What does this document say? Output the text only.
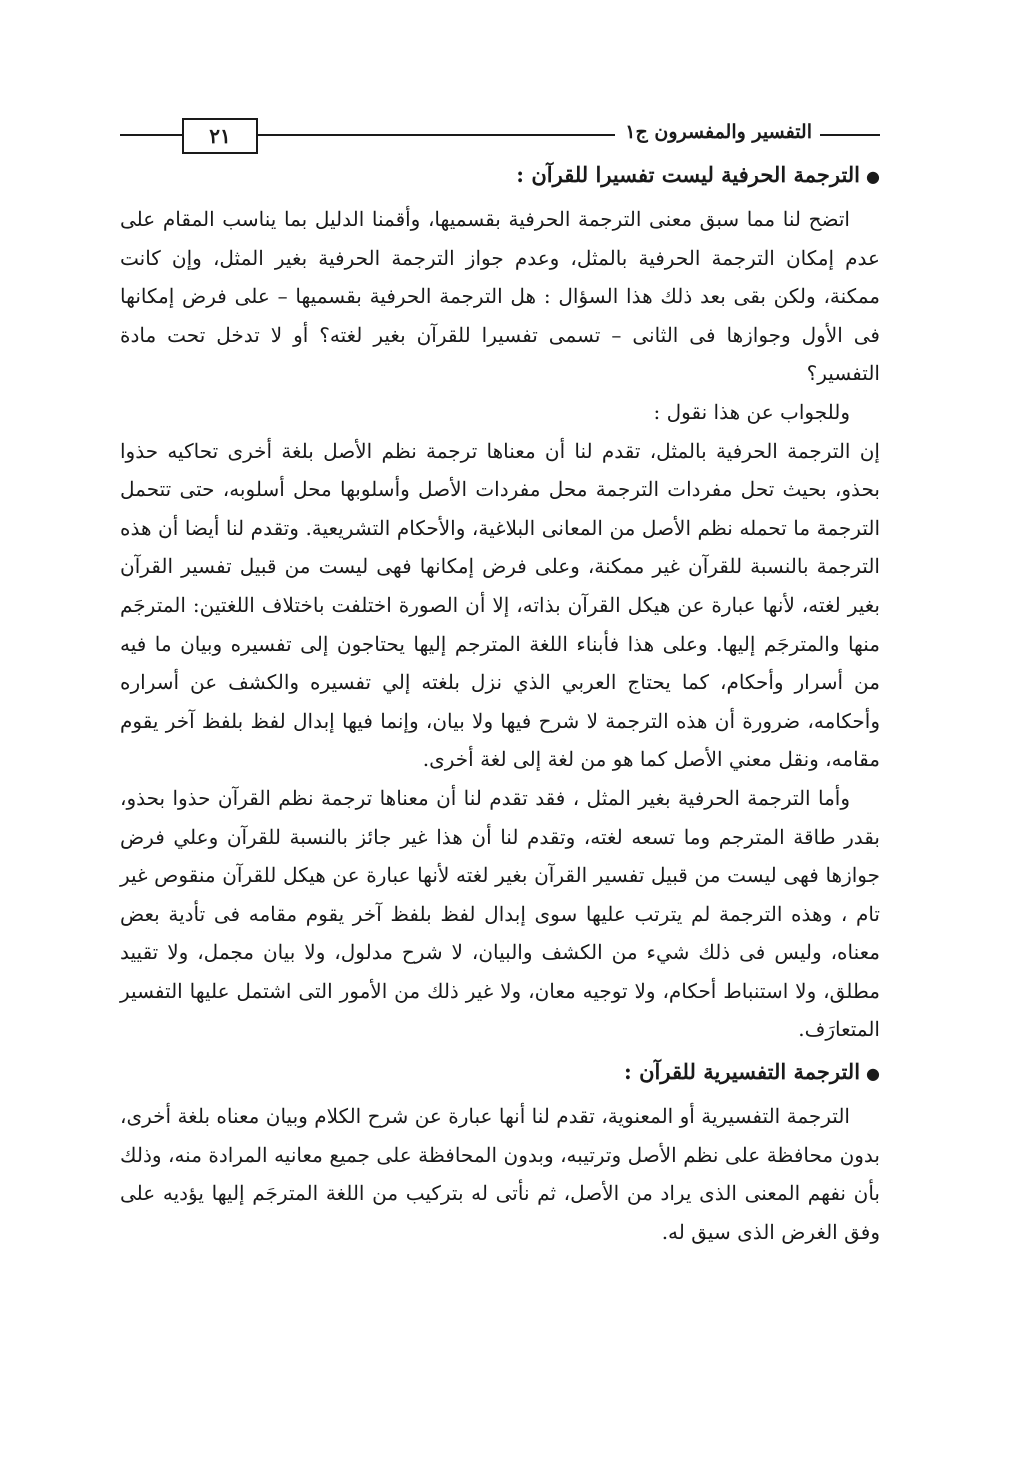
التفسير والمفسرون ج١
٢١
●الترجمة الحرفية ليست تفسيرا للقرآن :

اتضح لنا مما سبق معنى الترجمة الحرفية بقسميها، وأقمنا الدليل بما يناسب المقام على عدم إمكان الترجمة الحرفية بالمثل، وعدم جواز الترجمة الحرفية بغير المثل، وإن كانت ممكنة، ولكن بقى بعد ذلك هذا السؤال : هل الترجمة الحرفية بقسميها – على فرض إمكانها فى الأول وجوازها فى الثانى – تسمى تفسيرا للقرآن بغير لغته؟ أو لا تدخل تحت مادة التفسير؟

وللجواب عن هذا نقول :

إن الترجمة الحرفية بالمثل، تقدم لنا أن معناها ترجمة نظم الأصل بلغة أخرى تحاكيه حذوا بحذو، بحيث تحل مفردات الترجمة محل مفردات الأصل وأسلوبها محل أسلوبه، حتى تتحمل الترجمة ما تحمله نظم الأصل من المعانى البلاغية، والأحكام التشريعية. وتقدم لنا أيضا أن هذه الترجمة بالنسبة للقرآن غير ممكنة، وعلى فرض إمكانها فهى ليست من قبيل تفسير القرآن بغير لغته، لأنها عبارة عن هيكل القرآن بذاته، إلا أن الصورة اختلفت باختلاف اللغتين: المترجَم منها والمترجَم إليها. وعلى هذا فأبناء اللغة المترجم إليها يحتاجون إلى تفسيره وبيان ما فيه من أسرار وأحكام، كما يحتاج العربي الذي نزل بلغته إلي تفسيره والكشف عن أسراره وأحكامه، ضرورة أن هذه الترجمة لا شرح فيها ولا بيان، وإنما فيها إبدال لفظ بلفظ آخر يقوم مقامه، ونقل معني الأصل كما هو من لغة إلى لغة أخرى.

وأما الترجمة الحرفية بغير المثل ، فقد تقدم لنا أن معناها ترجمة نظم القرآن حذوا بحذو، بقدر طاقة المترجم وما تسعه لغته، وتقدم لنا أن هذا غير جائز بالنسبة للقرآن وعلي فرض جوازها فهى ليست من قبيل تفسير القرآن بغير لغته لأنها عبارة عن هيكل للقرآن منقوص غير تام ، وهذه الترجمة لم يترتب عليها سوى إبدال لفظ بلفظ آخر يقوم مقامه فى تأدية بعض معناه، وليس فى ذلك شيء من الكشف والبيان، لا شرح مدلول، ولا بيان مجمل، ولا تقييد مطلق، ولا استنباط أحكام، ولا توجيه معان، ولا غير ذلك من الأمور التى اشتمل عليها التفسير المتعارَف.

●الترجمة التفسيرية للقرآن :

الترجمة التفسيرية أو المعنوية، تقدم لنا أنها عبارة عن شرح الكلام وبيان معناه بلغة أخرى، بدون محافظة على نظم الأصل وترتيبه، وبدون المحافظة على جميع معانيه المرادة منه، وذلك بأن نفهم المعنى الذى يراد من الأصل، ثم نأتى له بتركيب من اللغة المترجَم إليها يؤديه على وفق الغرض الذى سيق له.
